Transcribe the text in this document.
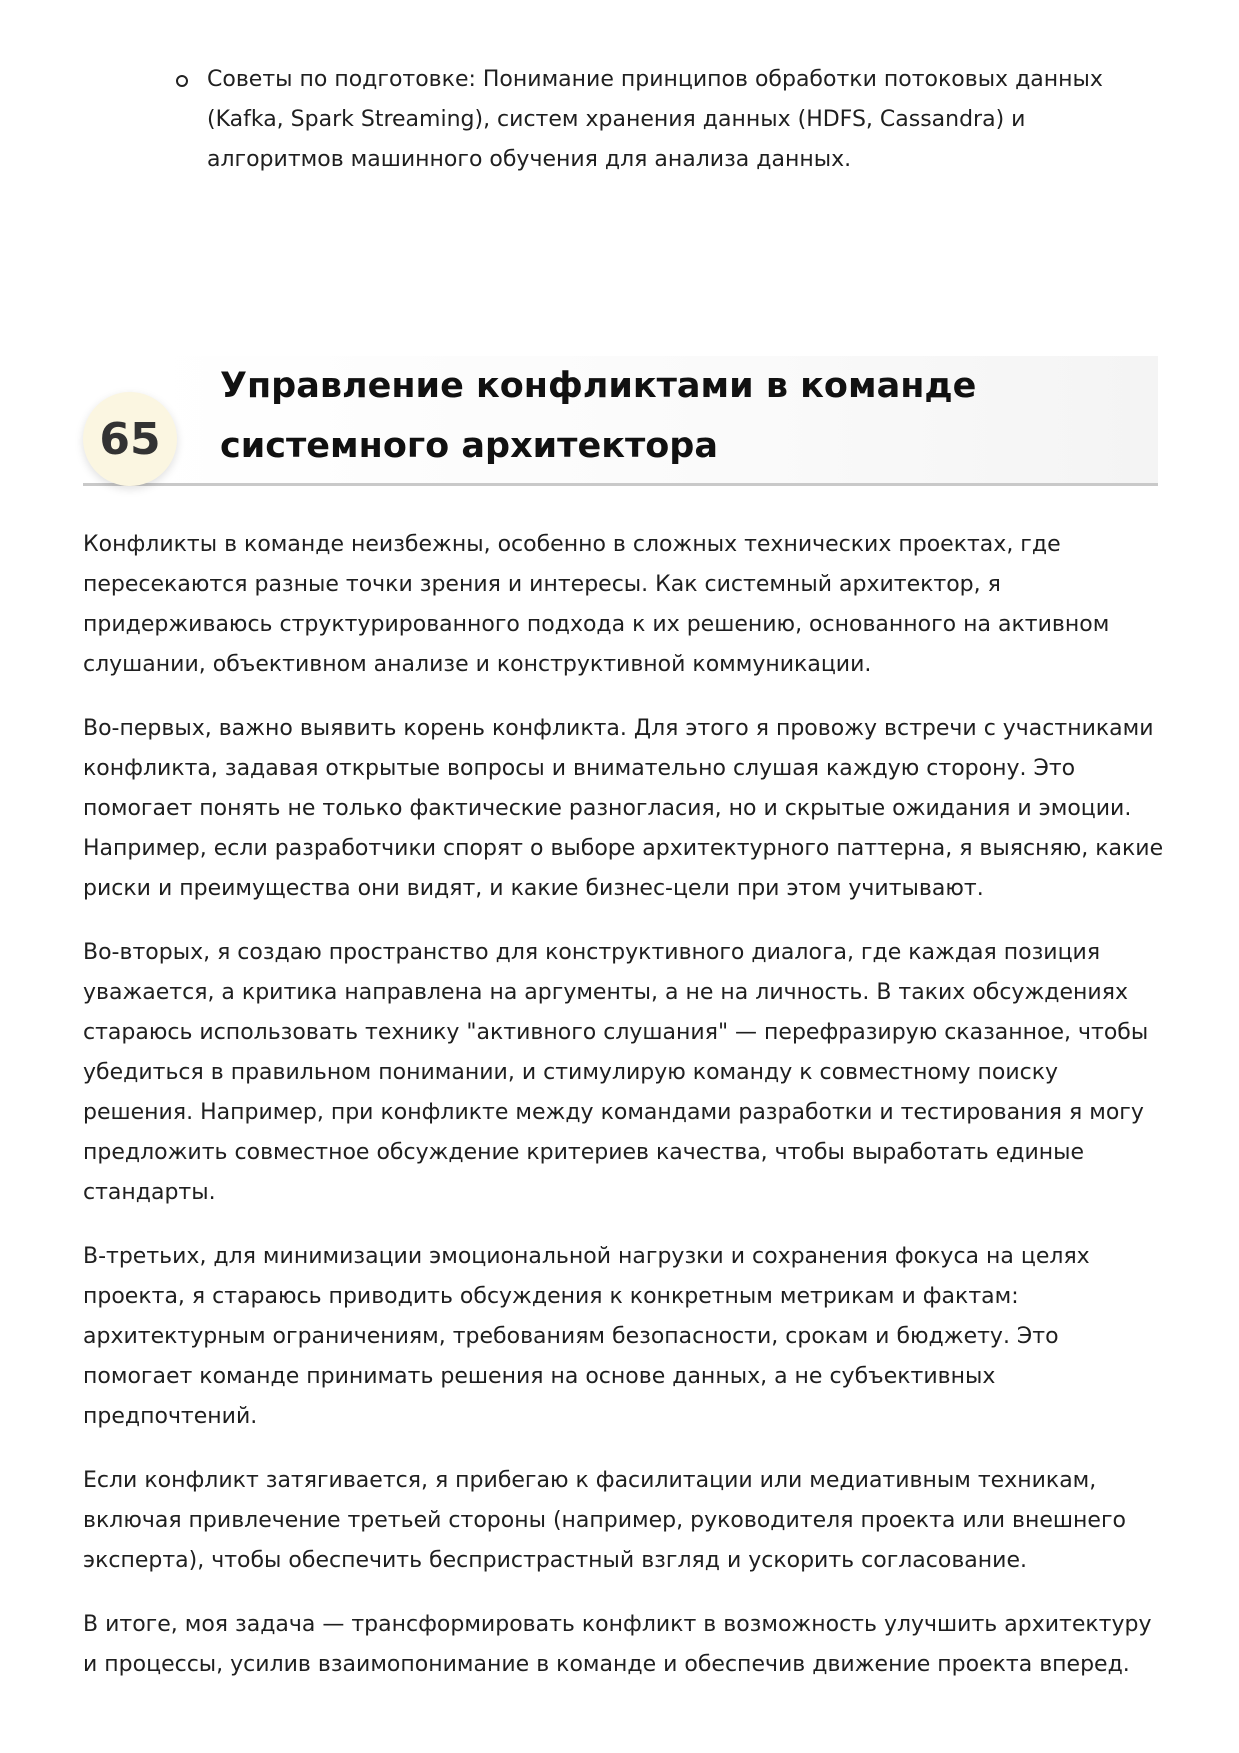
Советы по подготовке: Понимание принципов обработки потоковых данных (Kafka, Spark Streaming), систем хранения данных (HDFS, Cassandra) и алгоритмов машинного обучения для анализа данных.
65
Управление конфликтами в команде системного архитектора

Конфликты в команде неизбежны, особенно в сложных технических проектах, где пересекаются разные точки зрения и интересы. Как системный архитектор, я придерживаюсь структурированного подхода к их решению, основанного на активном слушании, объективном анализе и конструктивной коммуникации.

Во-первых, важно выявить корень конфликта. Для этого я провожу встречи с участниками конфликта, задавая открытые вопросы и внимательно слушая каждую сторону. Это помогает понять не только фактические разногласия, но и скрытые ожидания и эмоции. Например, если разработчики спорят о выборе архитектурного паттерна, я выясняю, какие риски и преимущества они видят, и какие бизнес-цели при этом учитывают.

Во-вторых, я создаю пространство для конструктивного диалога, где каждая позиция уважается, а критика направлена на аргументы, а не на личность. В таких обсуждениях стараюсь использовать технику "активного слушания" — перефразирую сказанное, чтобы убедиться в правильном понимании, и стимулирую команду к совместному поиску решения. Например, при конфликте между командами разработки и тестирования я могу предложить совместное обсуждение критериев качества, чтобы выработать единые стандарты.

В-третьих, для минимизации эмоциональной нагрузки и сохранения фокуса на целях проекта, я стараюсь приводить обсуждения к конкретным метрикам и фактам: архитектурным ограничениям, требованиям безопасности, срокам и бюджету. Это помогает команде принимать решения на основе данных, а не субъективных предпочтений.

Если конфликт затягивается, я прибегаю к фасилитации или медиативным техникам, включая привлечение третьей стороны (например, руководителя проекта или внешнего эксперта), чтобы обеспечить беспристрастный взгляд и ускорить согласование.

В итоге, моя задача — трансформировать конфликт в возможность улучшить архитектуру и процессы, усилив взаимопонимание в команде и обеспечив движение проекта вперед.
